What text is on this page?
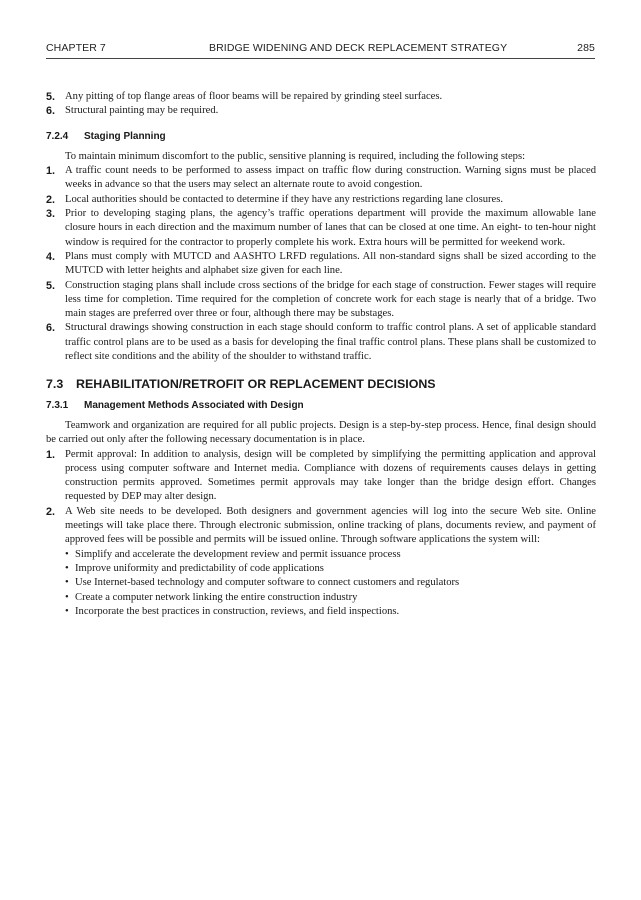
CHAPTER 7	BRIDGE WIDENING AND DECK REPLACEMENT STRATEGY	285
5. Any pitting of top flange areas of floor beams will be repaired by grinding steel surfaces.
6. Structural painting may be required.
7.2.4 Staging Planning

To maintain minimum discomfort to the public, sensitive planning is required, including the following steps:

1. A traffic count needs to be performed to assess impact on traffic flow during construction. Warning signs must be placed weeks in advance so that the users may select an alternate route to avoid congestion.
2. Local authorities should be contacted to determine if they have any restrictions regarding lane closures.
3. Prior to developing staging plans, the agency’s traffic operations department will provide the maximum allowable lane closure hours in each direction and the maximum number of lanes that can be closed at one time. An eight- to ten-hour night window is required for the contractor to properly complete his work. Extra hours will be permitted for weekend work.
4. Plans must comply with MUTCD and AASHTO LRFD regulations. All non-standard signs shall be sized according to the MUTCD with letter heights and alphabet size given for each line.
5. Construction staging plans shall include cross sections of the bridge for each stage of construction. Fewer stages will require less time for completion. Time required for the completion of concrete work for each stage is nearly that of a bridge. Two main stages are preferred over three or four, although there may be substages.
6. Structural drawings showing construction in each stage should conform to traffic control plans. A set of applicable standard traffic control plans are to be used as a basis for developing the final traffic control plans. These plans shall be customized to reflect site conditions and the ability of the shoulder to withstand traffic.
7.3 REHABILITATION/RETROFIT OR REPLACEMENT DECISIONS
7.3.1 Management Methods Associated with Design

Teamwork and organization are required for all public projects. Design is a step-by-step process. Hence, final design should be carried out only after the following necessary documentation is in place.

1. Permit approval: In addition to analysis, design will be completed by simplifying the permitting application and approval process using computer software and Internet media. Compliance with dozens of requirements causes delays in getting construction permits approved. Sometimes permit approvals may take longer than the bridge design effort. Changes requested by DEP may alter design.
2. A Web site needs to be developed. Both designers and government agencies will log into the secure Web site. Online meetings will take place there. Through electronic submission, online tracking of plans, documents review, and payment of approved fees will be possible and permits will be issued online. Through software applications the system will:
• Simplify and accelerate the development review and permit issuance process
• Improve uniformity and predictability of code applications
• Use Internet-based technology and computer software to connect customers and regulators
• Create a computer network linking the entire construction industry
• Incorporate the best practices in construction, reviews, and field inspections.
